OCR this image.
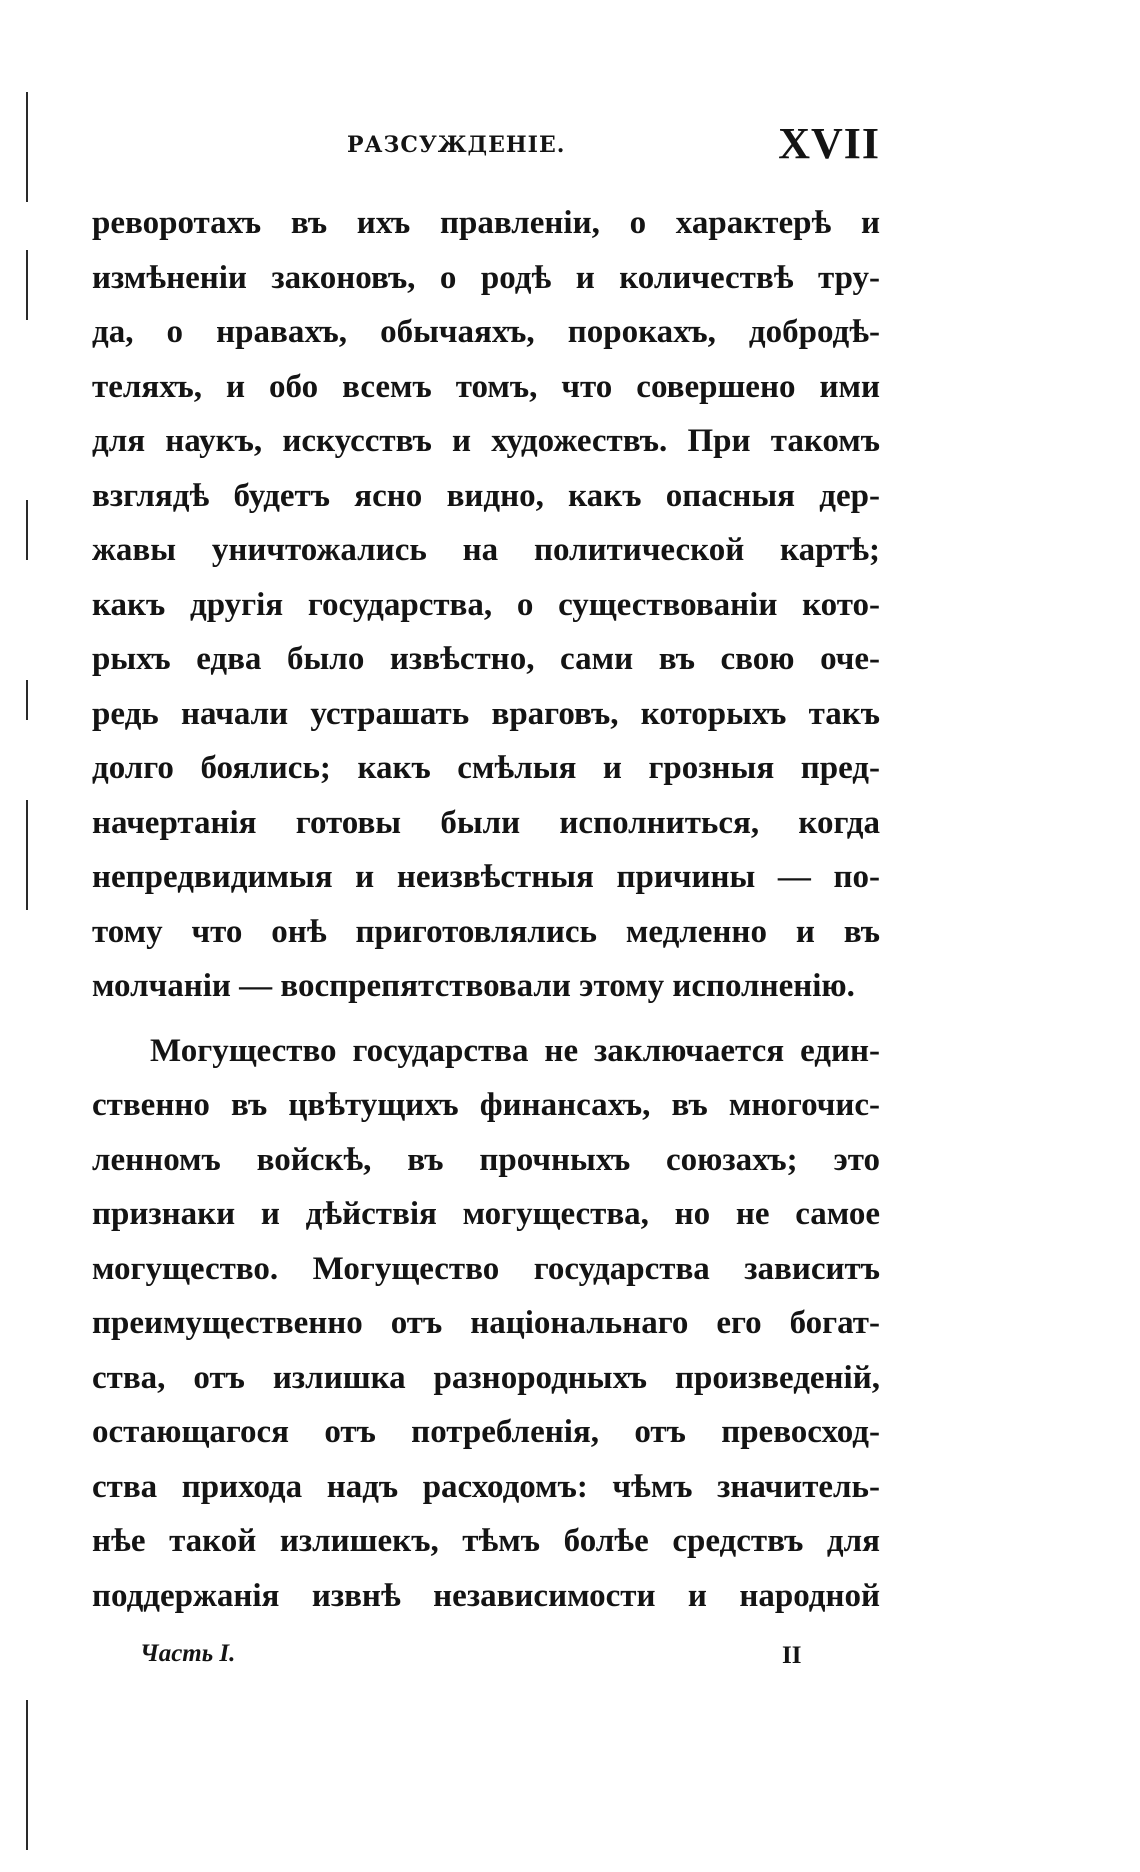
РАЗСУЖДЕНІЕ.	XVII
реворотахъ въ ихъ правленіи, о характерѣ и
измѣненіи законовъ, о родѣ и количествѣ тру-
да, о нравахъ, обычаяхъ, порокахъ, добродѣ-
теляхъ, и обо всемъ томъ, что совершено ими
для наукъ, искусствъ и художествъ. При такомъ
взглядѣ будетъ ясно видно, какъ опасныя дер-
жавы уничтожались на политической картѣ;
какъ другія государства, о существованіи кото-
рыхъ едва было извѣстно, сами въ свою оче-
редь начали устрашать враговъ, которыхъ такъ
долго боялись; какъ смѣлыя и грозныя пред-
начертанія готовы были исполниться, когда
непредвидимыя и неизвѣстныя причины — по-
тому что онѣ приготовлялись медленно и въ
молчаніи — воспрепятствовали этому исполненію.
Могущество государства не заключается един-
ственно въ цвѣтущихъ финансахъ, въ многочис-
ленномъ войскѣ, въ прочныхъ союзахъ; это
признаки и дѣйствія могущества, но не самое
могущество. Могущество государства зависитъ
преимущественно отъ національнаго его богат-
ства, отъ излишка разнородныхъ произведеній,
остающагося отъ потребленія, отъ превосход-
ства прихода надъ расходомъ: чѣмъ значитель-
нѣе такой излишекъ, тѣмъ болѣе средствъ для
поддержанія извнѣ независимости и народной
Часть I.	II
